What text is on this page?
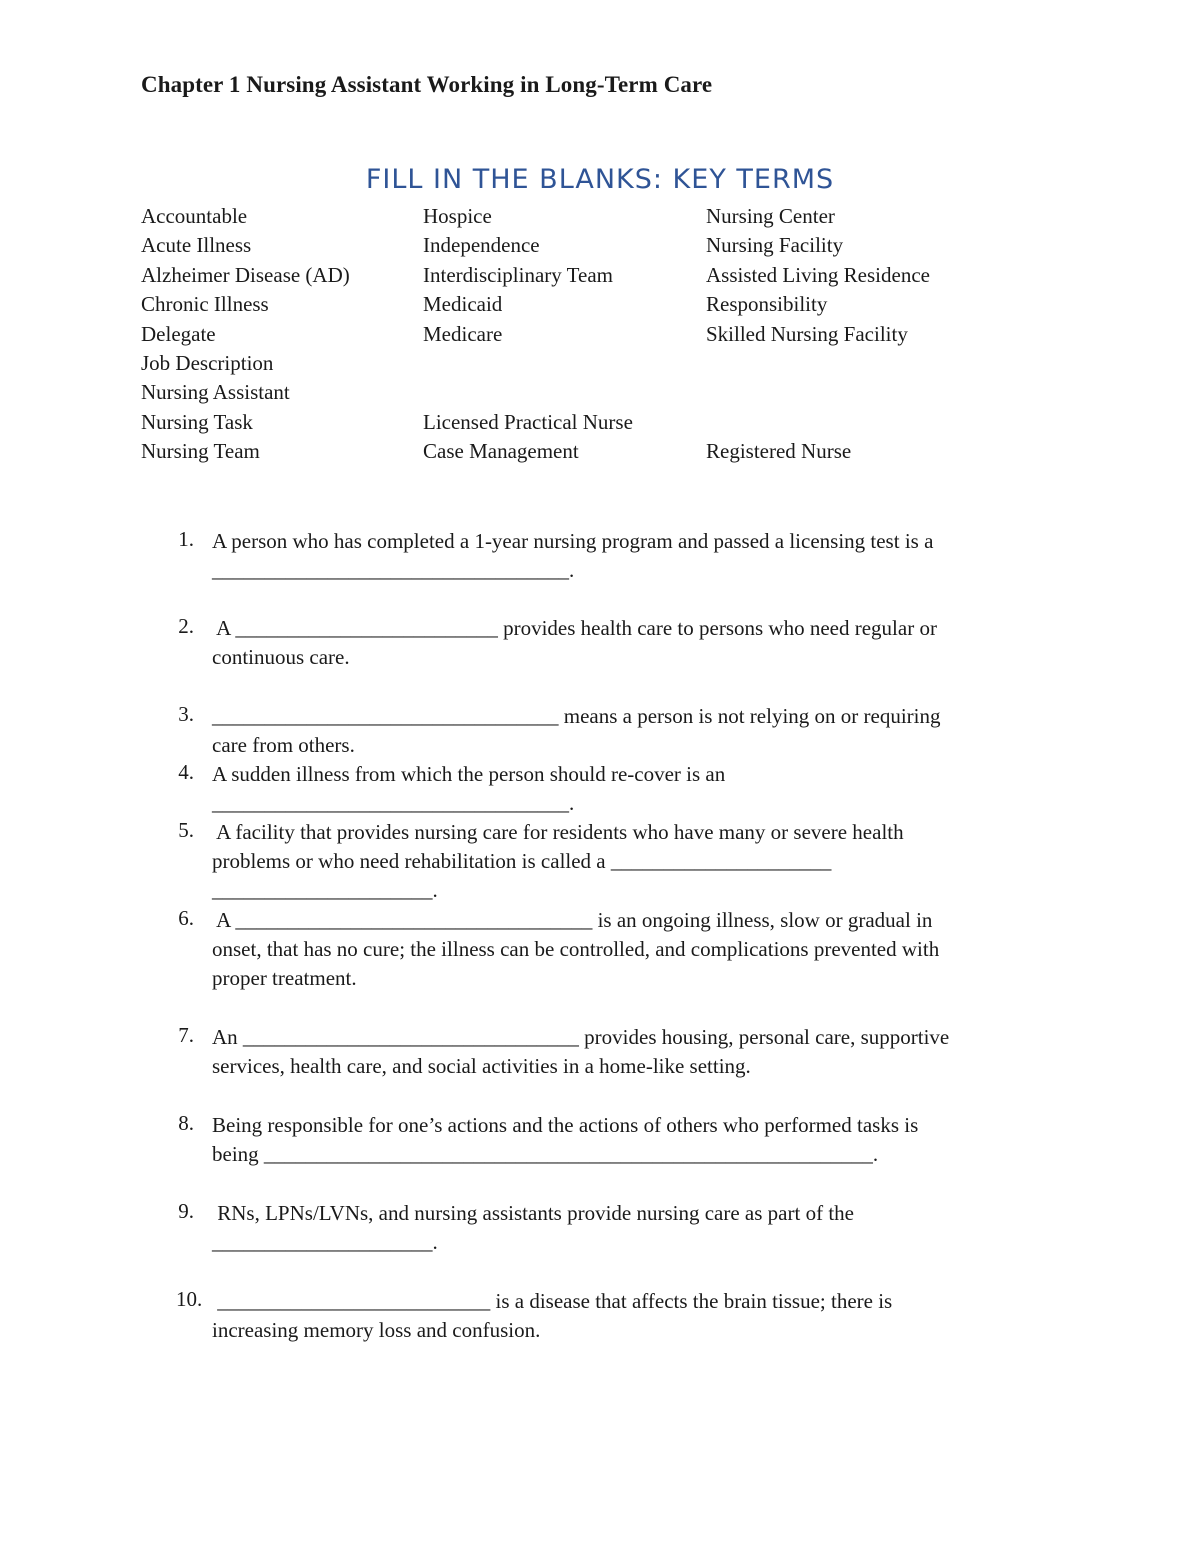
Chapter 1 Nursing Assistant Working in Long-Term Care
FILL IN THE BLANKS: KEY TERMS
Accountable	Hospice	Nursing Center
Acute Illness	Independence	Nursing Facility
Alzheimer Disease (AD)	Interdisciplinary Team	Assisted Living Residence
Chronic Illness	Medicaid	Responsibility
Delegate	Medicare	Skilled Nursing Facility
Job Description
Nursing Assistant
Nursing Task	Licensed Practical Nurse
Nursing Team	Case Management	Registered Nurse
1. A person who has completed a 1-year nursing program and passed a licensing test is a
__________________________________.
2. A _________________________ provides health care to persons who need regular or
continuous care.
3. _________________________________ means a person is not relying on or requiring
care from others.
4. A sudden illness from which the person should re-cover is an
__________________________________.
5. A facility that provides nursing care for residents who have many or severe health
problems or who need rehabilitation is called a _____________________
_____________________.
6. A __________________________________ is an ongoing illness, slow or gradual in
onset, that has no cure; the illness can be controlled, and complications prevented with
proper treatment.
7. An ________________________________ provides housing, personal care, supportive
services, health care, and social activities in a home-like setting.
8. Being responsible for one’s actions and the actions of others who performed tasks is
being __________________________________________________________.
9. RNs, LPNs/LVNs, and nursing assistants provide nursing care as part of the
_____________________.
10. __________________________ is a disease that affects the brain tissue; there is
increasing memory loss and confusion.
